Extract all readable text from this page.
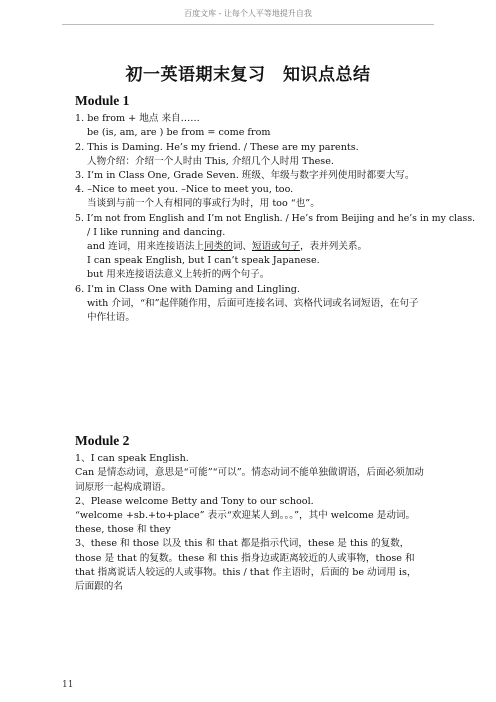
百度文库 - 让每个人平等地提升自我
初一英语期末复习　知识点总结

Module 1

1. be from + 地点 来自……

be (is, am, are ) be from = come from

2. This is Daming. He’s my friend. / These are my parents.

人物介绍：介绍一个人时由 This, 介绍几个人时用 These.

3. I’m in Class One, Grade Seven. 班级、年级与数字并列使用时都要大写。

4. –Nice to meet you. –Nice to meet you, too.

当谈到与前一个人有相同的事或行为时，用 too “也”。

5. I’m not from English and I’m not English. / He’s from Beijing and he’s in my class.

/ I like running and dancing.

and 连词，用来连接语法上同类的词、短语或句子，表并列关系。

I can speak English, but I can’t speak Japanese.

but 用来连接语法意义上转折的两个句子。

6. I’m in Class One with Daming and Lingling.

with 介词，“和”起伴随作用，后面可连接名词、宾格代词或名词短语，在句子中作壮语。

Module 2

1、I can speak English.

Can 是情态动词，意思是“可能”“可以”。情态动词不能单独做谓语，后面必须加动词原形一起构成谓语。

2、Please welcome Betty and Tony to our school.

“welcome +sb.+to+place” 表示“欢迎某人到。。。”，其中 welcome 是动词。

these, those 和 they

3、these 和 those 以及 this 和 that 都是指示代词，these 是 this 的复数，those 是 that 的复数。these 和 this 指身边或距离较近的人或事物，those 和 that 指离说话人较远的人或事物。this / that 作主语时，后面的 be 动词用 is，后面跟的名

11
